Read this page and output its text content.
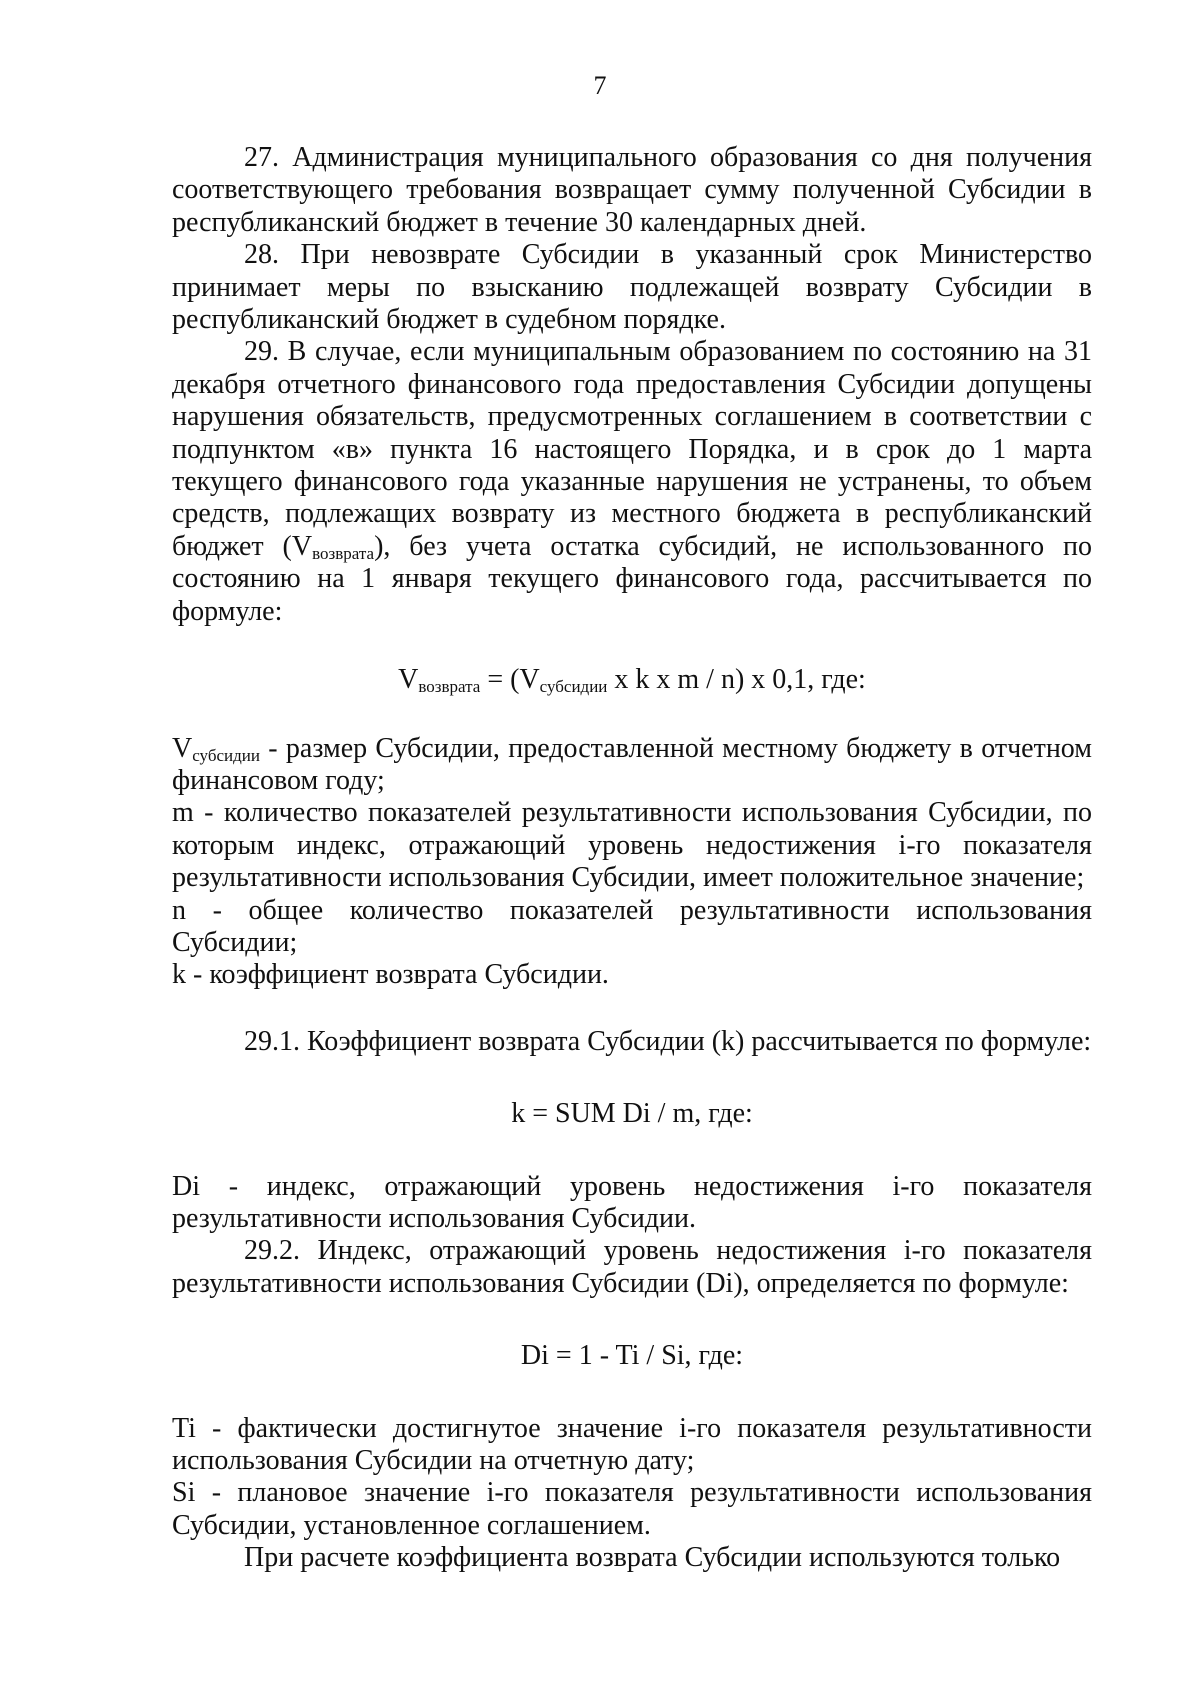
7

27. Администрация муниципального образования со дня получения соответствующего требования возвращает сумму полученной Субсидии в республиканский бюджет в течение 30 календарных дней.

28. При невозврате Субсидии в указанный срок Министерство принимает меры по взысканию подлежащей возврату Субсидии в республиканский бюджет в судебном порядке.

29. В случае, если муниципальным образованием по состоянию на 31 декабря отчетного финансового года предоставления Субсидии допущены нарушения обязательств, предусмотренных соглашением в соответствии с подпунктом «в» пункта 16 настоящего Порядка, и в срок до 1 марта текущего финансового года указанные нарушения не устранены, то объем средств, подлежащих возврату из местного бюджета в республиканский бюджет $(V_{возврата})$, без учета остатка субсидий, не использованного по состоянию на 1 января текущего финансового года, рассчитывается по формуле:

$V_{возврата} = (V_{субсидии}$ x k x m / n) x 0,1, где:

$V_{субсидии}$ - размер Субсидии, предоставленной местному бюджету в отчетном финансовом году;

m - количество показателей результативности использования Субсидии, по которым индекс, отражающий уровень недостижения i-го показателя результативности использования Субсидии, имеет положительное значение;

n - общее количество показателей результативности использования Субсидии;

k - коэффициент возврата Субсидии.

29.1. Коэффициент возврата Субсидии (k) рассчитывается по формуле:

k = SUM Di / m, где:

Di - индекс, отражающий уровень недостижения i-го показателя результативности использования Субсидии.

29.2. Индекс, отражающий уровень недостижения i-го показателя результативности использования Субсидии (Di), определяется по формуле:

Di = 1 - Ti / Si, где:

Ti - фактически достигнутое значение i-го показателя результативности использования Субсидии на отчетную дату;

Si - плановое значение i-го показателя результативности использования Субсидии, установленное соглашением.

При расчете коэффициента возврата Субсидии используются только
